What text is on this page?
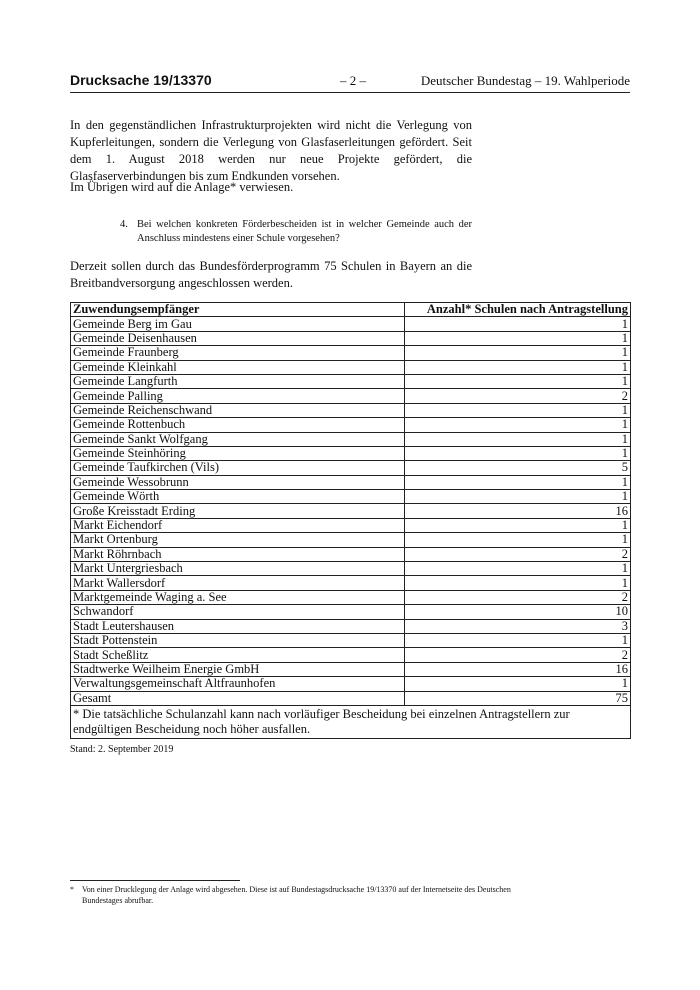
Drucksache 19/13370	– 2 –	Deutscher Bundestag – 19. Wahlperiode

In den gegenständlichen Infrastrukturprojekten wird nicht die Verlegung von Kupferleitungen, sondern die Verlegung von Glasfaserleitungen gefördert. Seit dem 1. August 2018 werden nur neue Projekte gefördert, die Glasfaserverbindungen bis zum Endkunden vorsehen.

Im Übrigen wird auf die Anlage* verwiesen.

4. Bei welchen konkreten Förderbescheiden ist in welcher Gemeinde auch der Anschluss mindestens einer Schule vorgesehen?

Derzeit sollen durch das Bundesförderprogramm 75 Schulen in Bayern an die Breitbandversorgung angeschlossen werden.

Zuwendungsempfänger	Anzahl* Schulen nach Antragstellung
Gemeinde Berg im Gau	1
Gemeinde Deisenhausen	1
Gemeinde Fraunberg	1
Gemeinde Kleinkahl	1
Gemeinde Langfurth	1
Gemeinde Palling	2
Gemeinde Reichenschwand	1
Gemeinde Rottenbuch	1
Gemeinde Sankt Wolfgang	1
Gemeinde Steinhöring	1
Gemeinde Taufkirchen (Vils)	5
Gemeinde Wessobrunn	1
Gemeinde Wörth	1
Große Kreisstadt Erding	16
Markt Eichendorf	1
Markt Ortenburg	1
Markt Röhrnbach	2
Markt Untergriesbach	1
Markt Wallersdorf	1
Marktgemeinde Waging a. See	2
Schwandorf	10
Stadt Leutershausen	3
Stadt Pottenstein	1
Stadt Scheßlitz	2
Stadtwerke Weilheim Energie GmbH	16
Verwaltungsgemeinschaft Altfraunhofen	1
Gesamt	75
* Die tatsächliche Schulanzahl kann nach vorläufiger Bescheidung bei einzelnen Antragstellern zur endgültigen Bescheidung noch höher ausfallen.	
Stand: 2. September 2019
* Von einer Drucklegung der Anlage wird abgesehen. Diese ist auf Bundestagsdrucksache 19/13370 auf der Internetseite des Deutschen Bundestages abrufbar.
